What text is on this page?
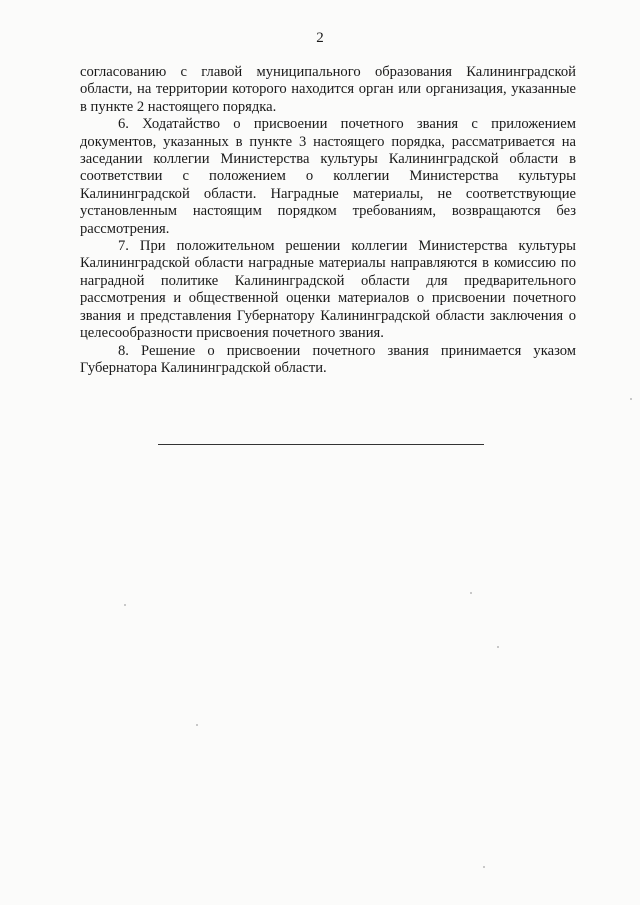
2

согласованию с главой муниципального образования Калининградской области, на территории которого находится орган или организация, указанные в пункте 2 настоящего порядка.

6. Ходатайство о присвоении почетного звания с приложением документов, указанных в пункте 3 настоящего порядка, рассматривается на заседании коллегии Министерства культуры Калининградской области в соответствии с положением о коллегии Министерства культуры Калининградской области. Наградные материалы, не соответствующие установленным настоящим порядком требованиям, возвращаются без рассмотрения.

7. При положительном решении коллегии Министерства культуры Калининградской области наградные материалы направляются в комиссию по наградной политике Калининградской области для предварительного рассмотрения и общественной оценки материалов о присвоении почетного звания и представления Губернатору Калининградской области заключения о целесообразности присвоения почетного звания.

8. Решение о присвоении почетного звания принимается указом Губернатора Калининградской области.
